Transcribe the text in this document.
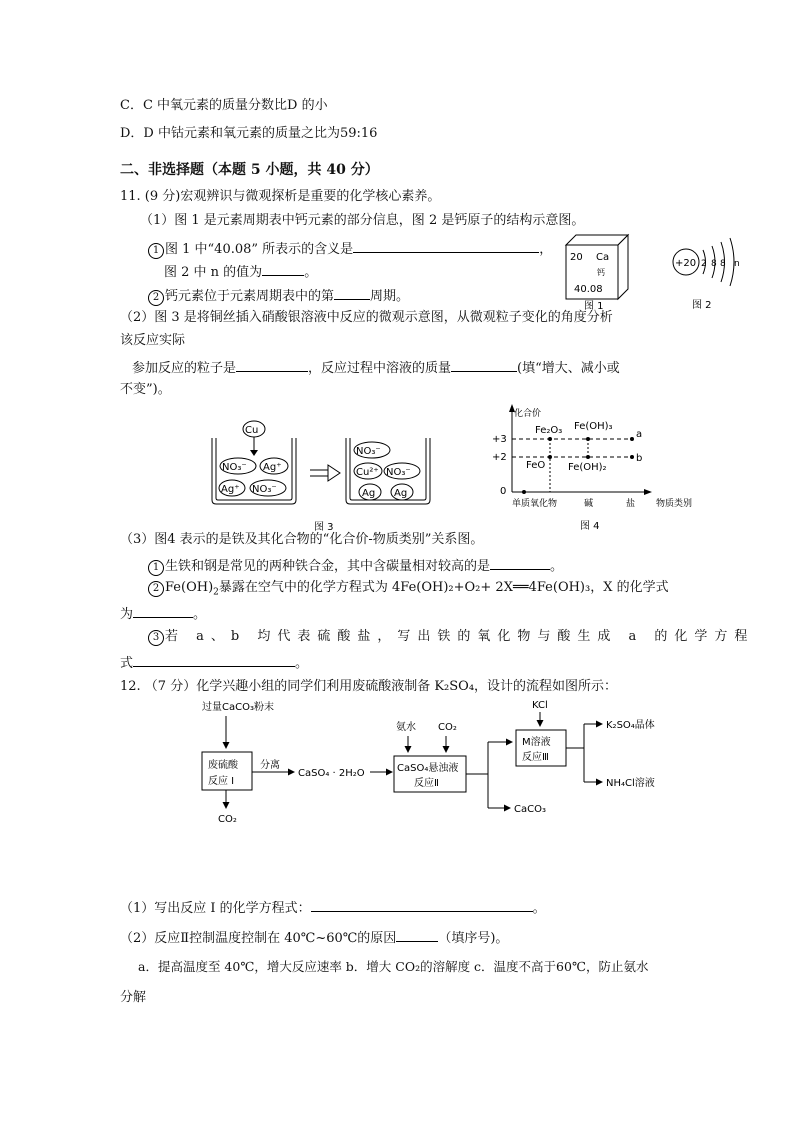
C．C 中氧元素的质量分数比D 的小
D．D 中钴元素和氧元素的质量之比为59:16
二、非选择题（本题 5 小题，共 40 分）
11. (9 分)宏观辨识与微观探析是重要的化学核心素养。
（1）图 1 是元素周期表中钙元素的部分信息，图 2 是钙原子的结构示意图。
1 图 1 中“40.08” 所表示的含义是	，
图 2 中 n 的值为	。
2 钙元素位于元素周期表中的第	周期。
20 Ca
钙
40.08
图 1
+20 2 8 8 n
图 2
（2）图 3 是将铜丝插入硝酸银溶液中反应的微观示意图，从微观粒子变化的角度分析
该反应实际
参加反应的粒子是	，反应过程中溶液的质量	(填“增大、减小或
不变”)。
Cu
NO₃⁻ Ag⁺
Ag⁺ NO₃⁻
NO₃⁻
Cu²⁺ NO₃⁻
Ag Ag
图 3
化合价
+3
+2
0
Fe₂O₃ Fe(OH)₃
FeO Fe(OH)₂
a
b
单质氧化物	碱	盐 物质类别
图 4
（3）图4 表示的是铁及其化合物的“化合价-物质类别”关系图。
1 生铁和钢是常见的两种铁合金，其中含碳量相对较高的是	。
2 $Fe(OH)_2$暴露在空气中的化学方程式为 4Fe(OH)₂+O₂+ 2X══4Fe(OH)₃，X 的化学式
为	。
3 若 a、b 均代表硫酸盐，写出铁的氧化物与酸生成 a 的化学方程
式	。
12. （7 分）化学兴趣小组的同学们利用废硫酸液制备 K₂SO₄，设计的流程如图所示：
过量CaCO₃粉末
废硫酸
反应 I
CO₂
分离
CaSO₄ · 2H₂O
氨水 CO₂
CaSO₄悬浊液
反应Ⅱ
CaCO₃
KCl
M溶液
反应Ⅲ
K₂SO₄晶体
NH₄Cl溶液
（1）写出反应 I 的化学方程式：	。
（2）反应Ⅱ控制温度控制在 40℃~60℃的原因	（填序号)。
a．提高温度至 40℃，增大反应速率 b．增大 CO₂的溶解度 c．温度不高于60℃，防止氨水
分解
